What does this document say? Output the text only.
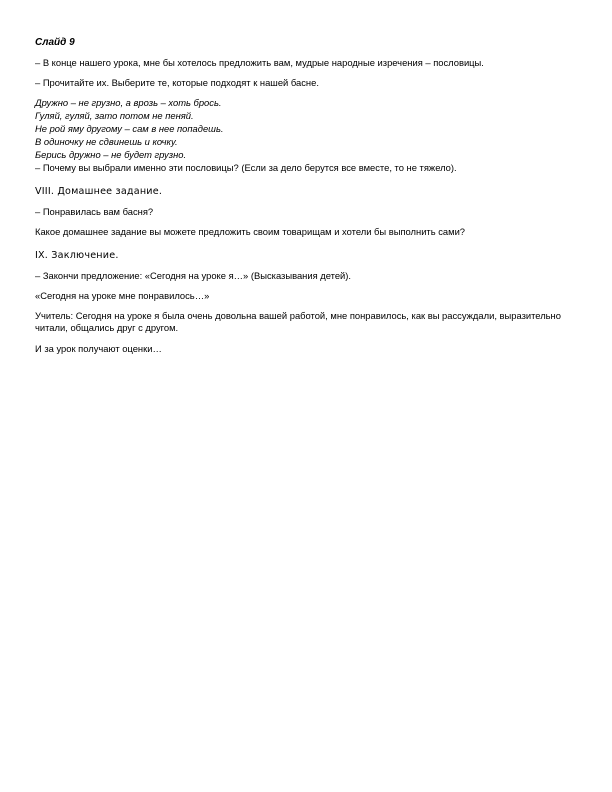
Слайд 9
– В конце нашего урока, мне бы хотелось предложить вам, мудрые народные изречения – пословицы.
– Прочитайте их. Выберите те, которые подходят к нашей басне.
Дружно – не грузно, а врозь – хоть брось.
Гуляй, гуляй, зато потом не пеняй.
Не рой яму другому – сам в нее попадешь.
В одиночку не сдвинешь и кочку.
Берись дружно – не будет грузно.
– Почему вы выбрали именно эти пословицы? (Если за дело берутся все вместе, то не тяжело).
VIII. Домашнее задание.
– Понравилась вам басня?
Какое домашнее задание вы можете предложить своим товарищам и хотели бы выполнить сами?
IX. Заключение.
– Закончи предложение: «Сегодня на уроке я…» (Высказывания детей).
«Сегодня на уроке мне понравилось…»
Учитель: Сегодня на уроке я была очень довольна вашей работой, мне понравилось, как вы рассуждали, выразительно читали, общались друг с другом.
И за урок получают оценки…
